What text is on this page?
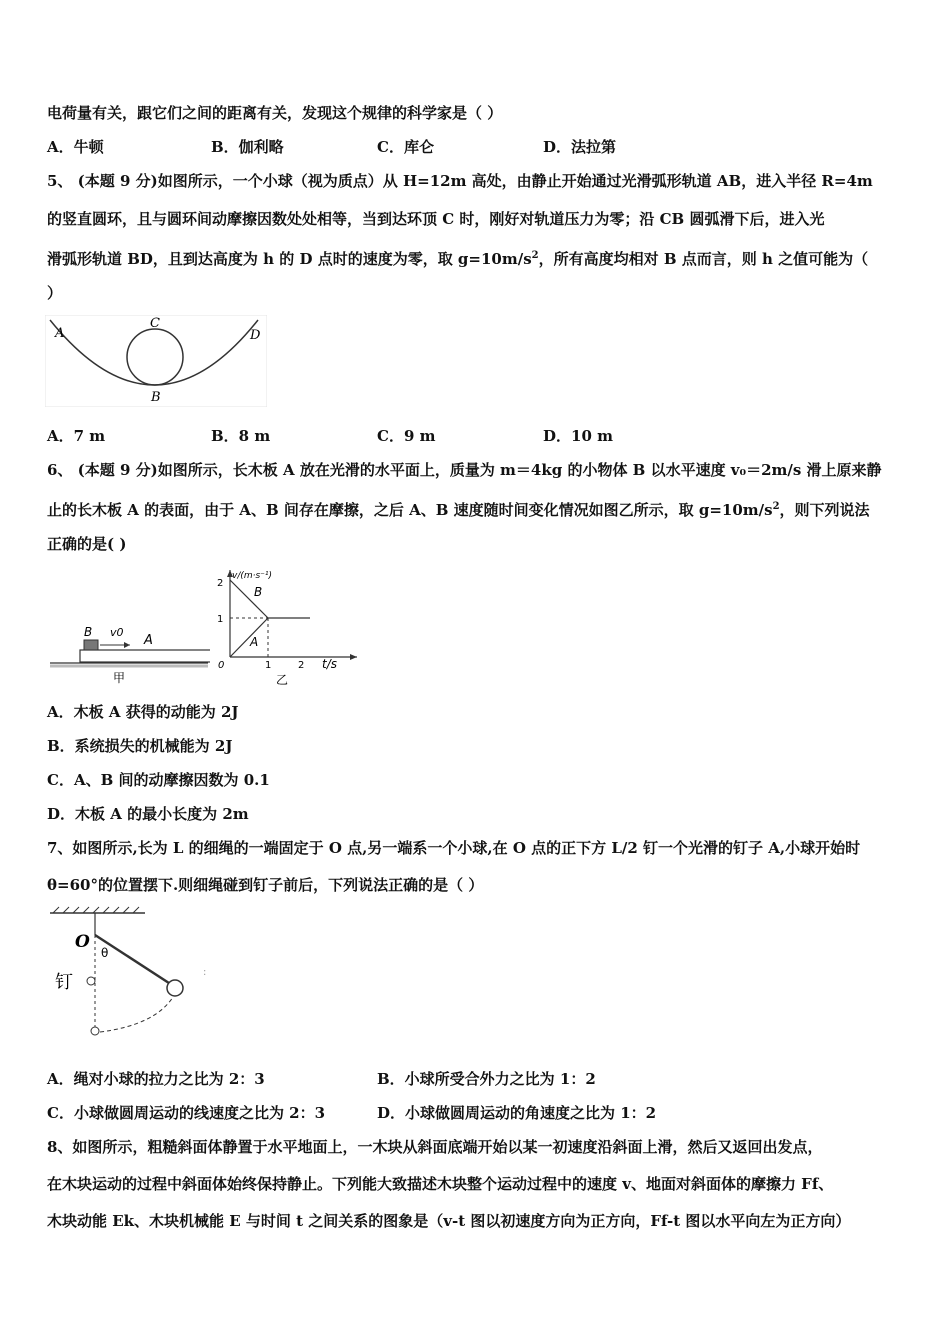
电荷量有关，跟它们之间的距离有关，发现这个规律的科学家是（ ）
A．牛顿	B．伽利略	C．库仑	D．法拉第
5、 (本题 9 分)如图所示，一个小球（视为质点）从 H=12m 高处，由静止开始通过光滑弧形轨道 AB，进入半径 R=4m
的竖直圆环，且与圆环间动摩擦因数处处相等，当到达环顶 C 时，刚好对轨道压力为零；沿 CB 圆弧滑下后，进入光
滑弧形轨道 BD，且到达高度为 h 的 D 点时的速度为零，取 $g=10m/s^2$，所有高度均相对 B 点而言，则 h 之值可能为（
）
A
C
D
B
A．7 m	B．8 m	C．9 m	D．10 m
6、 (本题 9 分)如图所示，长木板 A 放在光滑的水平面上，质量为 m＝4kg 的小物体 B 以水平速度 v₀＝2m/s 滑上原来静
止的长木板 A 的表面，由于 A、B 间存在摩擦，之后 A、B 速度随时间变化情况如图乙所示，取 $g=10m/s^2$，则下列说法
正确的是( )
B v0
A
甲
v/(m·s⁻¹)
2
1
0	1	2 t/s
B
A
乙
A．木板 A 获得的动能为 2J
B．系统损失的机械能为 2J
C．A、B 间的动摩擦因数为 0.1
D．木板 A 的最小长度为 2m
7、如图所示,长为 L 的细绳的一端固定于 O 点,另一端系一个小球,在 O 点的正下方 L/2 钉一个光滑的钉子 A,小球开始时
θ=60°的位置摆下.则细绳碰到钉子前后，下列说法正确的是（ ）
:
O
θ
钉
A．绳对小球的拉力之比为 2：3	B．小球所受合外力之比为 1：2
C．小球做圆周运动的线速度之比为 2：3	D．小球做圆周运动的角速度之比为 1：2
8、如图所示，粗糙斜面体静置于水平地面上，一木块从斜面底端开始以某一初速度沿斜面上滑，然后又返回出发点，
在木块运动的过程中斜面体始终保持静止。下列能大致描述木块整个运动过程中的速度 v、地面对斜面体的摩擦力 Ff、
木块动能 Ek、木块机械能 E 与时间 t 之间关系的图象是（v-t 图以初速度方向为正方向，Ff-t 图以水平向左为正方向）
